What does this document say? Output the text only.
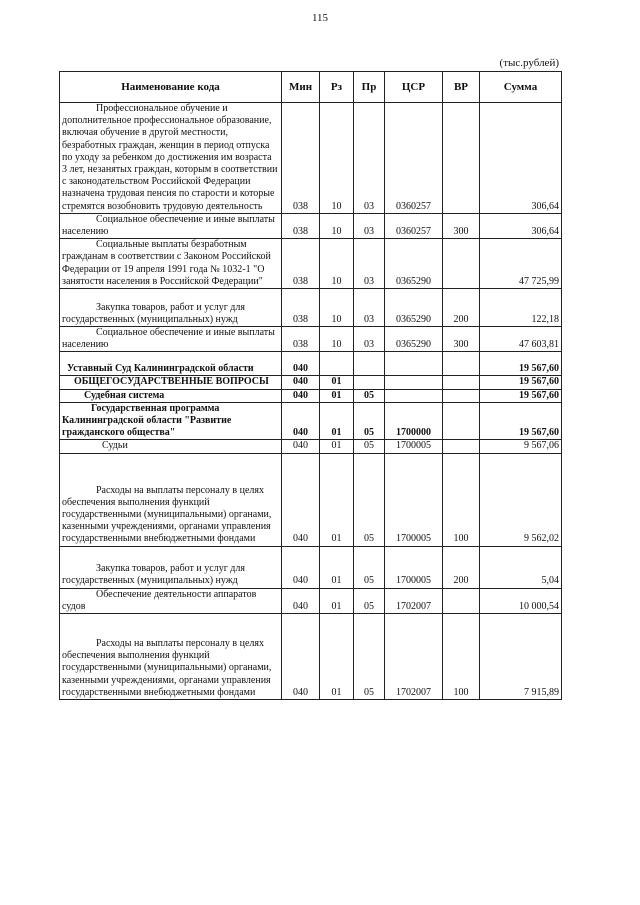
115
(тыс.рублей)
Наименование кода	Мин	Рз	Пр	ЦСР	ВР	Сумма

Профессиональное обучение и дополнительное профессиональное образование, включая обучение в другой местности, безработных граждан, женщин в период отпуска по уходу за ребенком до достижения им возраста 3 лет, незанятых граждан, которым в соответствии с законодательством Российской Федерации назначена трудовая пенсия по старости и которые стремятся возобновить трудовую деятельность	038	10	03	0360257		306,64

Социальное обеспечение и иные выплаты населению	038	10	03	0360257	300	306,64

Социальные выплаты безработным гражданам в соответствии с Законом Российской Федерации от 19 апреля 1991 года № 1032-1 "О занятости населения в Российской Федерации"	038	10	03	0365290		47 725,99

Закупка товаров, работ и услуг для государственных (муниципальных) нужд	038	10	03	0365290	200	122,18

Социальное обеспечение и иные выплаты населению	038	10	03	0365290	300	47 603,81

Уставный Суд Калининградской области	040					19 567,60

ОБЩЕГОСУДАРСТВЕННЫЕ ВОПРОСЫ	040	01				19 567,60

Судебная система	040	01	05			19 567,60

Государственная программа Калининградской области "Развитие гражданского общества"	040	01	05	1700000		19 567,60

Судьи	040	01	05	1700005		9 567,06

Расходы на выплаты персоналу в целях обеспечения выполнения функций государственными (муниципальными) органами, казенными учреждениями, органами управления государственными внебюджетными фондами	040	01	05	1700005	100	9 562,02

Закупка товаров, работ и услуг для государственных (муниципальных) нужд	040	01	05	1700005	200	5,04

Обеспечение деятельности аппаратов судов	040	01	05	1702007		10 000,54

Расходы на выплаты персоналу в целях обеспечения выполнения функций государственными (муниципальными) органами, казенными учреждениями, органами управления государственными внебюджетными фондами	040	01	05	1702007	100	7 915,89
